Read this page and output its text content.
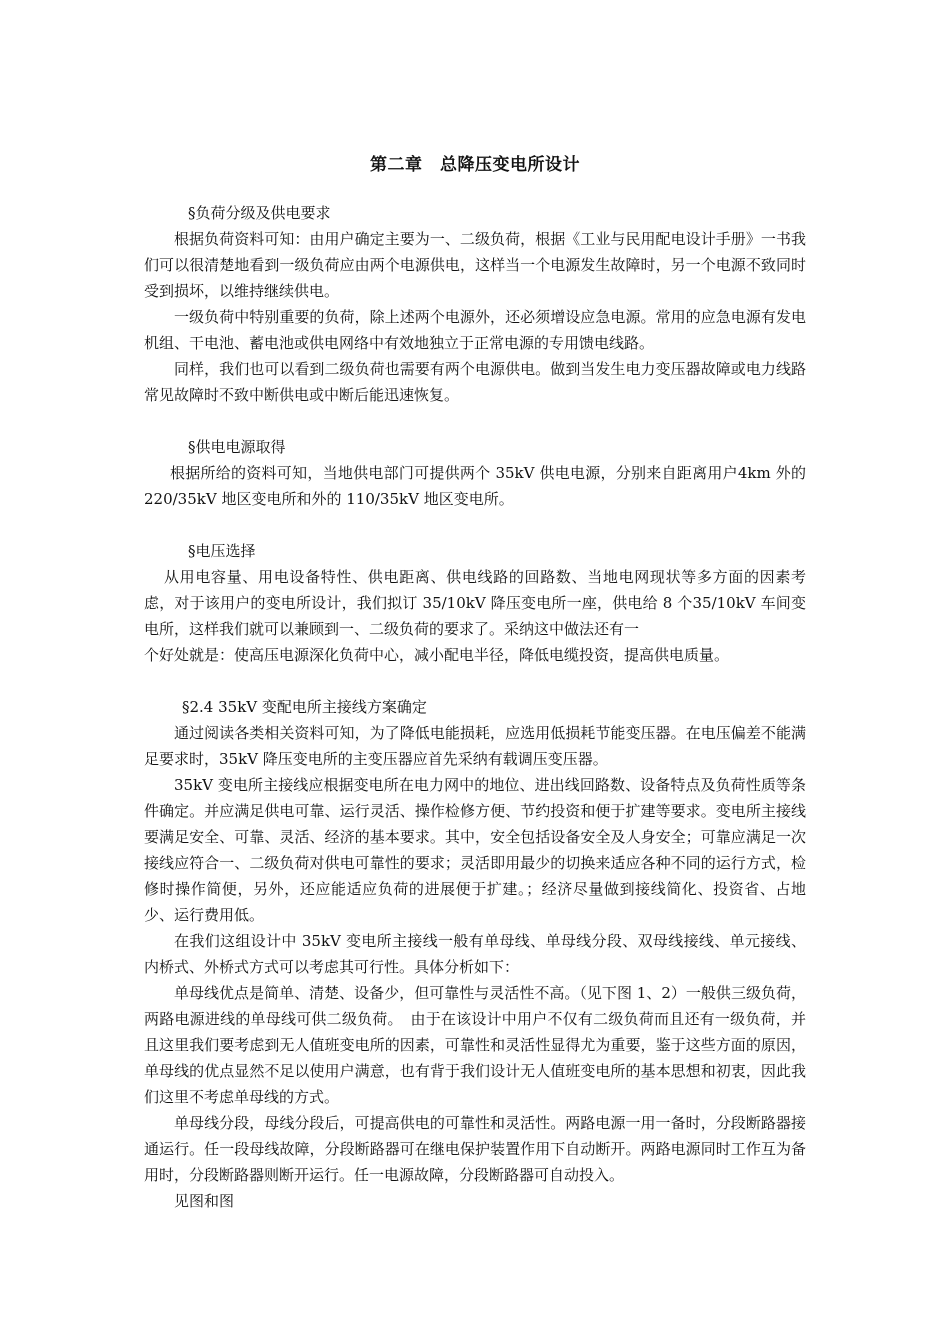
第二章　总降压变电所设计

§负荷分级及供电要求

根据负荷资料可知：由用户确定主要为一、二级负荷，根据《工业与民用配电设计手册》一书我们可以很清楚地看到一级负荷应由两个电源供电，这样当一个电源发生故障时，另一个电源不致同时受到损坏，以维持继续供电。

一级负荷中特别重要的负荷，除上述两个电源外，还必须增设应急电源。常用的应急电源有发电机组、干电池、蓄电池或供电网络中有效地独立于正常电源的专用馈电线路。

同样，我们也可以看到二级负荷也需要有两个电源供电。做到当发生电力变压器故障或电力线路常见故障时不致中断供电或中断后能迅速恢复。

§供电电源取得

根据所给的资料可知，当地供电部门可提供两个 35kV 供电电源，分别来自距离用户4km 外的 220/35kV 地区变电所和外的 110/35kV 地区变电所。

§电压选择

从用电容量、用电设备特性、供电距离、供电线路的回路数、当地电网现状等多方面的因素考虑，对于该用户的变电所设计，我们拟订 35/10kV 降压变电所一座，供电给 8 个35/10kV 车间变电所，这样我们就可以兼顾到一、二级负荷的要求了。采纳这中做法还有一

个好处就是：使高压电源深化负荷中心，减小配电半径，降低电缆投资，提高供电质量。

§2.4 35kV 变配电所主接线方案确定

通过阅读各类相关资料可知，为了降低电能损耗，应选用低损耗节能变压器。在电压偏差不能满足要求时，35kV 降压变电所的主变压器应首先采纳有载调压变压器。

35kV 变电所主接线应根据变电所在电力网中的地位、进出线回路数、设备特点及负荷性质等条件确定。并应满足供电可靠、运行灵活、操作检修方便、节约投资和便于扩建等要求。变电所主接线要满足安全、可靠、灵活、经济的基本要求。其中，安全包括设备安全及人身安全；可靠应满足一次接线应符合一、二级负荷对供电可靠性的要求；灵活即用最少的切换来适应各种不同的运行方式，检修时操作简便，另外，还应能适应负荷的进展便于扩建。；经济尽量做到接线简化、投资省、占地少、运行费用低。

在我们这组设计中 35kV 变电所主接线一般有单母线、单母线分段、双母线接线、单元接线、内桥式、外桥式方式可以考虑其可行性。具体分析如下：

单母线优点是简单、清楚、设备少，但可靠性与灵活性不高。（见下图 1、2）一般供三级负荷，两路电源进线的单母线可供二级负荷。　由于在该设计中用户不仅有二级负荷而且还有一级负荷，并且这里我们要考虑到无人值班变电所的因素，可靠性和灵活性显得尤为重要，鉴于这些方面的原因，单母线的优点显然不足以使用户满意，也有背于我们设计无人值班变电所的基本思想和初衷，因此我们这里不考虑单母线的方式。

单母线分段，母线分段后，可提高供电的可靠性和灵活性。两路电源一用一备时，分段断路器接通运行。任一段母线故障，分段断路器可在继电保护装置作用下自动断开。两路电源同时工作互为备用时，分段断路器则断开运行。任一电源故障，分段断路器可自动投入。

见图和图
